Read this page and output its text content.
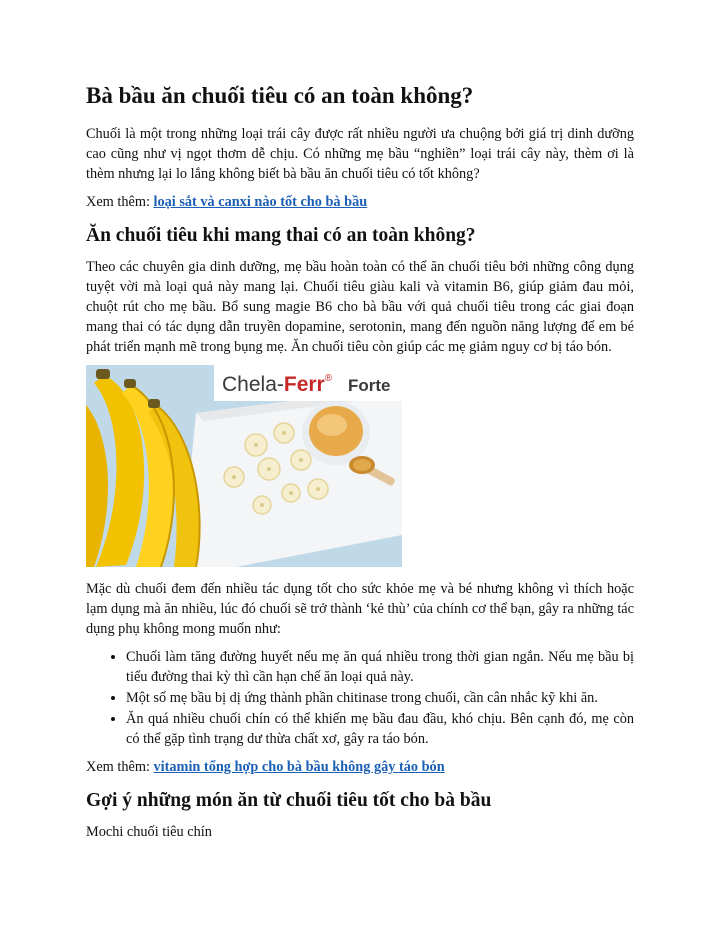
Bà bầu ăn chuối tiêu có an toàn không?

Chuối là một trong những loại trái cây được rất nhiều người ưa chuộng bởi giá trị dinh dưỡng cao cũng như vị ngọt thơm dễ chịu. Có những mẹ bầu “nghiền” loại trái cây này, thèm ơi là thèm nhưng lại lo lắng không biết bà bầu ăn chuối tiêu có tốt không?

Xem thêm: loại sắt và canxi nào tốt cho bà bầu

Ăn chuối tiêu khi mang thai có an toàn không?

Theo các chuyên gia dinh dưỡng, mẹ bầu hoàn toàn có thể ăn chuối tiêu bởi những công dụng tuyệt vời mà loại quả này mang lại. Chuối tiêu giàu kali và vitamin B6, giúp giảm đau mỏi, chuột rút cho mẹ bầu. Bổ sung magie B6 cho bà bầu với quả chuối tiêu trong các giai đoạn mang thai có tác dụng dẫn truyền dopamine, serotonin, mang đến nguồn năng lượng để em bé phát triển mạnh mẽ trong bụng mẹ. Ăn chuối tiêu còn giúp các mẹ giảm nguy cơ bị táo bón.

Chela-Ferr® Forte

Mặc dù chuối đem đến nhiều tác dụng tốt cho sức khỏe mẹ và bé nhưng không vì thích hoặc lạm dụng mà ăn nhiều, lúc đó chuối sẽ trở thành ‘kẻ thù’ của chính cơ thể bạn, gây ra những tác dụng phụ không mong muốn như:

• Chuối làm tăng đường huyết nếu mẹ ăn quá nhiều trong thời gian ngắn. Nếu mẹ bầu bị tiểu đường thai kỳ thì cần hạn chế ăn loại quả này.
• Một số mẹ bầu bị dị ứng thành phần chitinase trong chuối, cần cân nhắc kỹ khi ăn.
• Ăn quá nhiều chuối chín có thể khiến mẹ bầu đau đầu, khó chịu. Bên cạnh đó, mẹ còn có thể gặp tình trạng dư thừa chất xơ, gây ra táo bón.

Xem thêm: vitamin tổng hợp cho bà bầu không gây táo bón

Gợi ý những món ăn từ chuối tiêu tốt cho bà bầu

Mochi chuối tiêu chín
